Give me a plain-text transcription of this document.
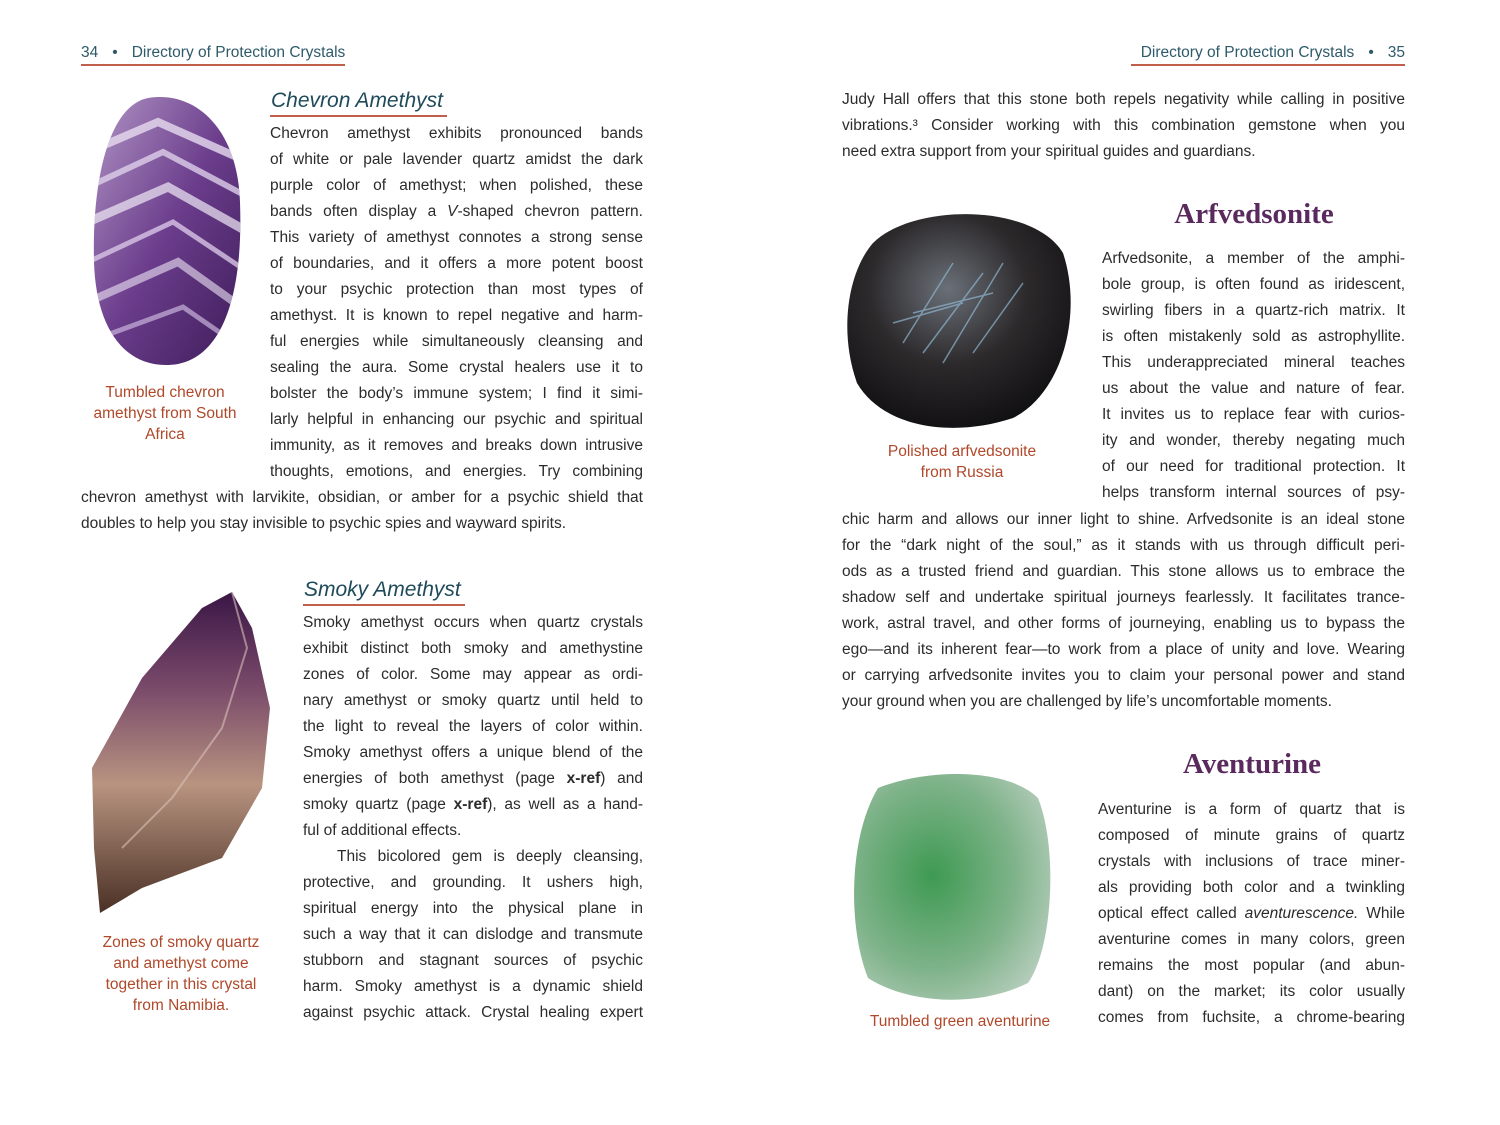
34 • Directory of Protection Crystals	Directory of Protection Crystals • 35
Tumbled chevron
amethyst from South
Africa
Chevron Amethyst
Chevron amethyst exhibits pronounced bands
of white or pale lavender quartz amidst the dark
purple color of amethyst; when polished, these
bands often display a V-shaped chevron pattern.
This variety of amethyst connotes a strong sense
of boundaries, and it offers a more potent boost
to your psychic protection than most types of
amethyst. It is known to repel negative and harm-
ful energies while simultaneously cleansing and
sealing the aura. Some crystal healers use it to
bolster the body’s immune system; I find it simi-
larly helpful in enhancing our psychic and spiritual
immunity, as it removes and breaks down intrusive
thoughts, emotions, and energies. Try combining
chevron amethyst with larvikite, obsidian, or amber for a psychic shield that
doubles to help you stay invisible to psychic spies and wayward spirits.
Zones of smoky quartz
and amethyst come
together in this crystal
from Namibia.
Smoky Amethyst
Smoky amethyst occurs when quartz crystals
exhibit distinct both smoky and amethystine
zones of color. Some may appear as ordi-
nary amethyst or smoky quartz until held to
the light to reveal the layers of color within.
Smoky amethyst offers a unique blend of the
energies of both amethyst (page x-ref) and
smoky quartz (page x-ref), as well as a hand-
ful of additional effects.
This bicolored gem is deeply cleansing,
protective, and grounding. It ushers high,
spiritual energy into the physical plane in
such a way that it can dislodge and transmute
stubborn and stagnant sources of psychic
harm. Smoky amethyst is a dynamic shield
against psychic attack. Crystal healing expert
Judy Hall offers that this stone both repels negativity while calling in positive
vibrations.³ Consider working with this combination gemstone when you
need extra support from your spiritual guides and guardians.
Arfvedsonite
Polished arfvedsonite
from Russia
Arfvedsonite, a member of the amphi-
bole group, is often found as iridescent,
swirling fibers in a quartz-rich matrix. It
is often mistakenly sold as astrophyllite.
This underappreciated mineral teaches
us about the value and nature of fear.
It invites us to replace fear with curios-
ity and wonder, thereby negating much
of our need for traditional protection. It
helps transform internal sources of psy-
chic harm and allows our inner light to shine. Arfvedsonite is an ideal stone
for the “dark night of the soul,” as it stands with us through difficult peri-
ods as a trusted friend and guardian. This stone allows us to embrace the
shadow self and undertake spiritual journeys fearlessly. It facilitates trance-
work, astral travel, and other forms of journeying, enabling us to bypass the
ego—and its inherent fear—to work from a place of unity and love. Wearing
or carrying arfvedsonite invites you to claim your personal power and stand
your ground when you are challenged by life’s uncomfortable moments.
Aventurine
Tumbled green aventurine
Aventurine is a form of quartz that is
composed of minute grains of quartz
crystals with inclusions of trace miner-
als providing both color and a twinkling
optical effect called aventurescence. While
aventurine comes in many colors, green
remains the most popular (and abun-
dant) on the market; its color usually
comes from fuchsite, a chrome-bearing
